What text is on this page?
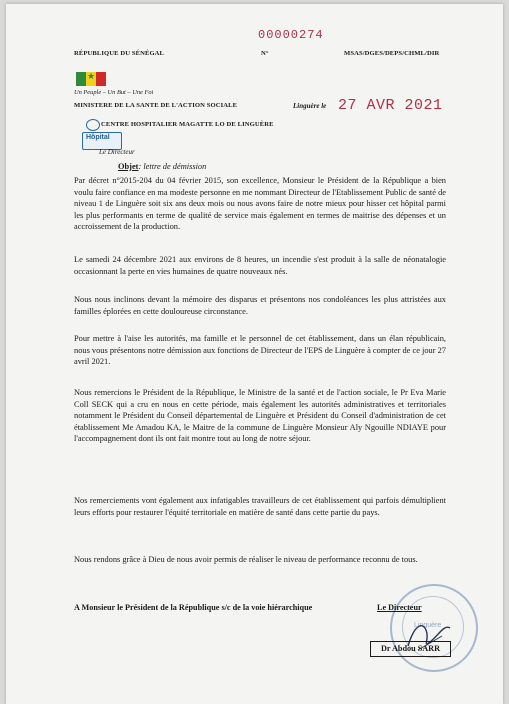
00000274
RÉPUBLIQUE DU SÉNÉGAL	N°	MSAS/DGES/DEPS/CHML/DIR
★
Un Peuple – Un But – Une Foi
MINISTERE DE LA SANTE DE L'ACTION SOCIALE	Linguère le 27 AVR 2021
CENTRE HOSPITALIER MAGATTE LO DE LINGUÈRE
Hôpital
Le Directeur
Objet: lettre de démission
Par décret n°2015-204 du 04 février 2015, son excellence, Monsieur le Président de la République a bien voulu faire confiance en ma modeste personne en me nommant Directeur de l'Etablissement Public de santé de niveau 1 de Linguère soit six ans deux mois ou nous avons faire de notre mieux pour hisser cet hôpital parmi les plus performants en terme de qualité de service mais également en termes de maitrise des dépenses et un accroissement de la production.
Le samedi 24 décembre 2021 aux environs de 8 heures, un incendie s'est produit à la salle de néonatalogie occasionnant la perte en vies humaines de quatre nouveaux nés.
Nous nous inclinons devant la mémoire des disparus et présentons nos condoléances les plus attristées aux familles éplorées en cette douloureuse circonstance.
Pour mettre à l'aise les autorités, ma famille et le personnel de cet établissement, dans un élan républicain, nous vous présentons notre démission aux fonctions de Directeur de l'EPS de Linguère à compter de ce jour 27 avril 2021.
Nous remercions le Président de la République, le Ministre de la santé et de l'action sociale, le Pr Eva Marie Coll SECK qui a cru en nous en cette période, mais également les autorités administratives et territoriales notamment le Président du Conseil départemental de Linguère et Président du Conseil d'administration de cet établissement Me Amadou KA, le Maitre de la commune de Linguère Monsieur Aly Ngouille NDIAYE pour l'accompagnement dont ils ont fait montre tout au long de notre séjour.
Nos remerciements vont également aux infatigables travailleurs de cet établissement qui parfois démultiplient leurs efforts pour restaurer l'équité territoriale en matière de santé dans cette partie du pays.
Nous rendons grâce à Dieu de nous avoir permis de réaliser le niveau de performance reconnu de tous.
Linguère
A Monsieur le Président de la République s/c de la voie hiérarchique	Le Directeur
Dr Abdou SARR
